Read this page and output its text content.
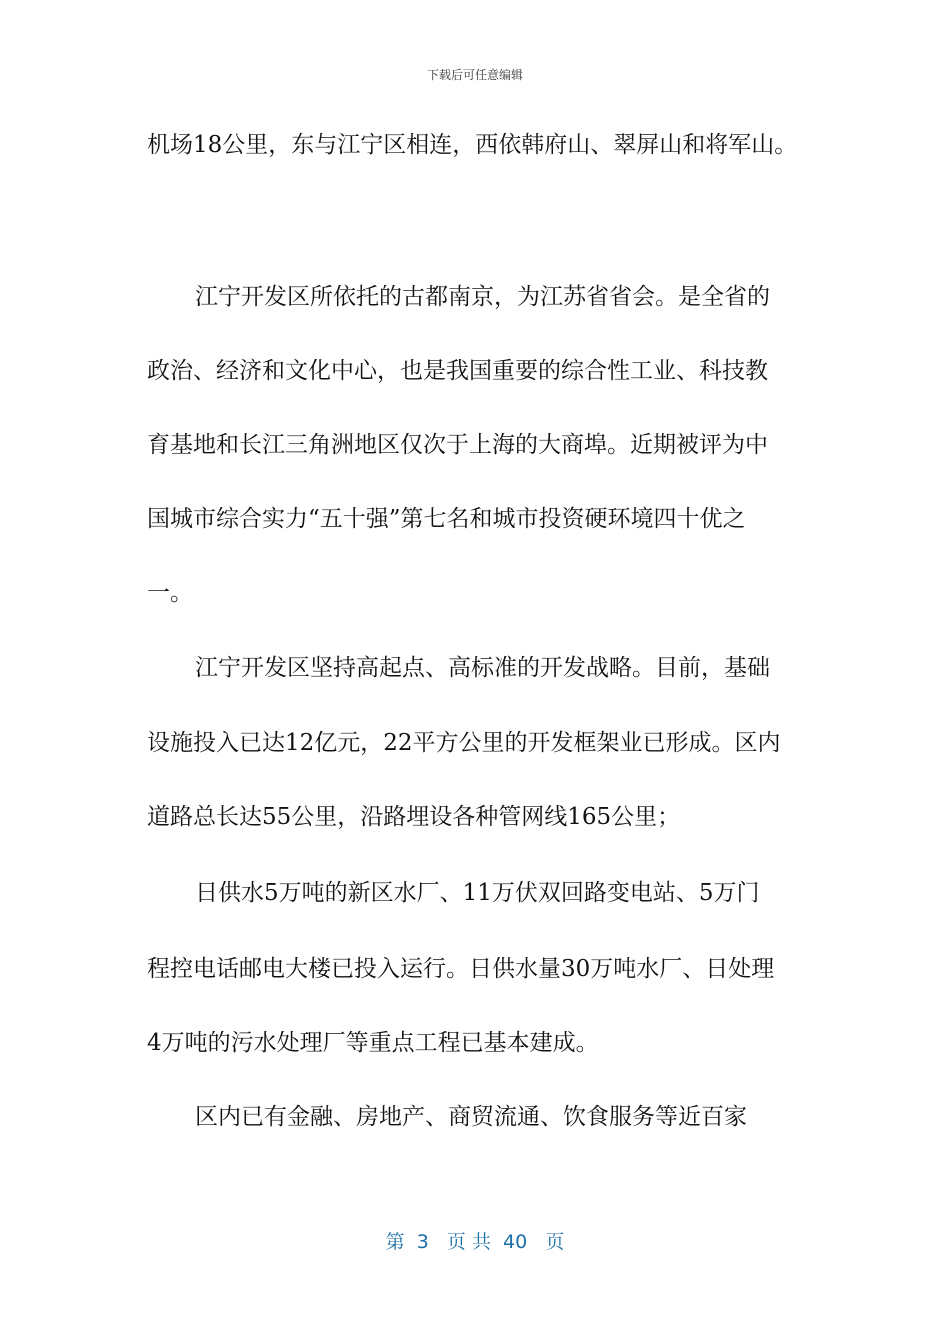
下载后可任意编辑
机场18公里，东与江宁区相连，西依韩府山、翠屏山和将军山。
江宁开发区所依托的古都南京，为江苏省省会。是全省的
政治、经济和文化中心，也是我国重要的综合性工业、科技教
育基地和长江三角洲地区仅次于上海的大商埠。近期被评为中
国城市综合实力“五十强”第七名和城市投资硬环境四十优之
一。
江宁开发区坚持高起点、高标准的开发战略。目前，基础
设施投入已达12亿元，22平方公里的开发框架业已形成。区内
道路总长达55公里，沿路埋设各种管网线165公里；
日供水5万吨的新区水厂、11万伏双回路变电站、5万门
程控电话邮电大楼已投入运行。日供水量30万吨水厂、日处理
4万吨的污水处理厂等重点工程已基本建成。
区内已有金融、房地产、商贸流通、饮食服务等近百家
第  3   页 共  40   页
